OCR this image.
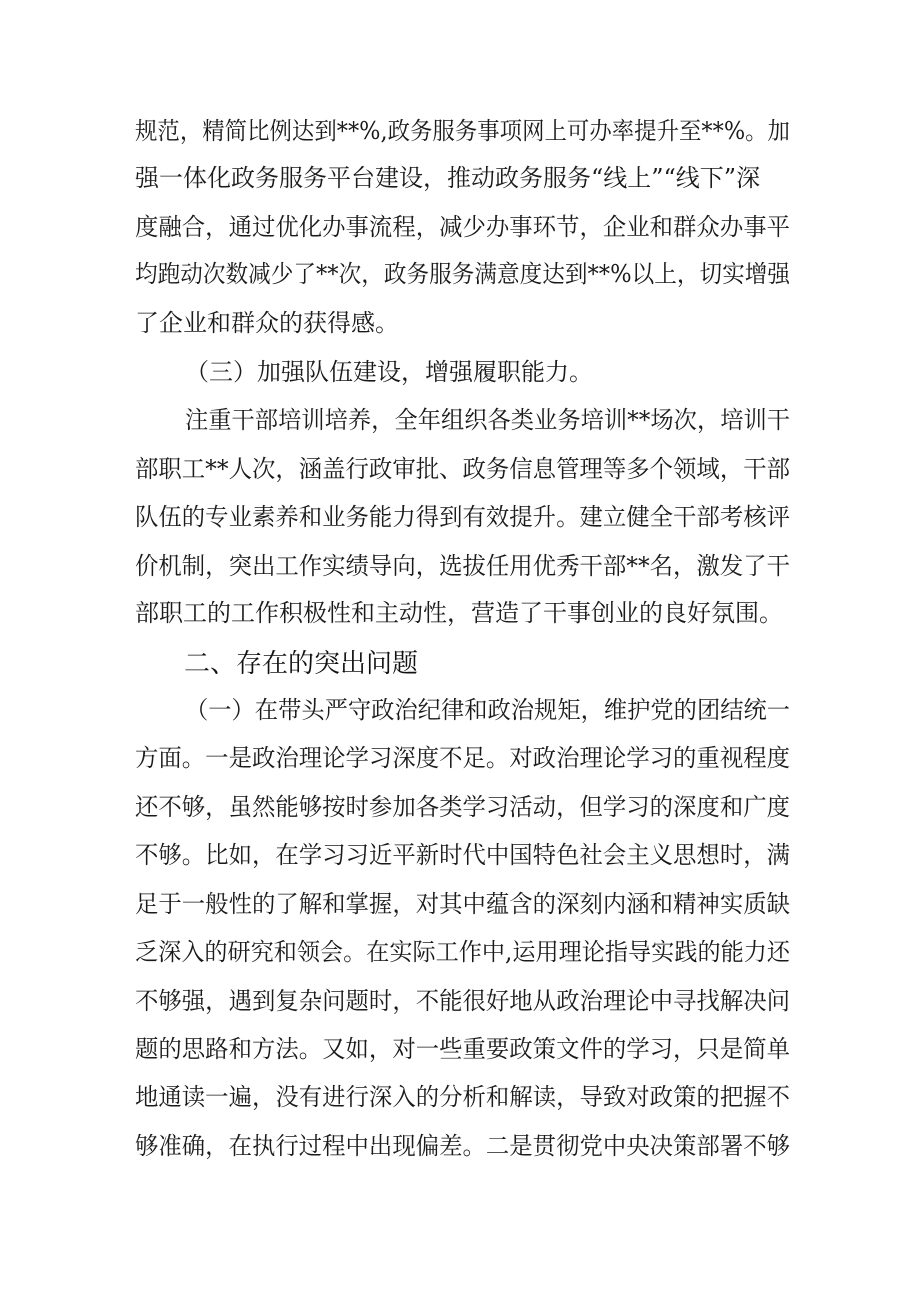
规范，精简比例达到**%,政务服务事项网上可办率提升至**%。加
强一体化政务服务平台建设，推动政务服务“线上”“线下”深
度融合，通过优化办事流程，减少办事环节，企业和群众办事平
均跑动次数减少了**次，政务服务满意度达到**%以上，切实增强
了企业和群众的获得感。
（三）加强队伍建设，增强履职能力。
注重干部培训培养，全年组织各类业务培训**场次，培训干
部职工**人次，涵盖行政审批、政务信息管理等多个领域，干部
队伍的专业素养和业务能力得到有效提升。建立健全干部考核评
价机制，突出工作实绩导向，选拔任用优秀干部**名，激发了干
部职工的工作积极性和主动性，营造了干事创业的良好氛围。
二、存在的突出问题
（一）在带头严守政治纪律和政治规矩，维护党的团结统一
方面。一是政治理论学习深度不足。对政治理论学习的重视程度
还不够，虽然能够按时参加各类学习活动，但学习的深度和广度
不够。比如，在学习习近平新时代中国特色社会主义思想时，满
足于一般性的了解和掌握，对其中蕴含的深刻内涵和精神实质缺
乏深入的研究和领会。在实际工作中,运用理论指导实践的能力还
不够强，遇到复杂问题时，不能很好地从政治理论中寻找解决问
题的思路和方法。又如，对一些重要政策文件的学习，只是简单
地通读一遍，没有进行深入的分析和解读，导致对政策的把握不
够准确，在执行过程中出现偏差。二是贯彻党中央决策部署不够
